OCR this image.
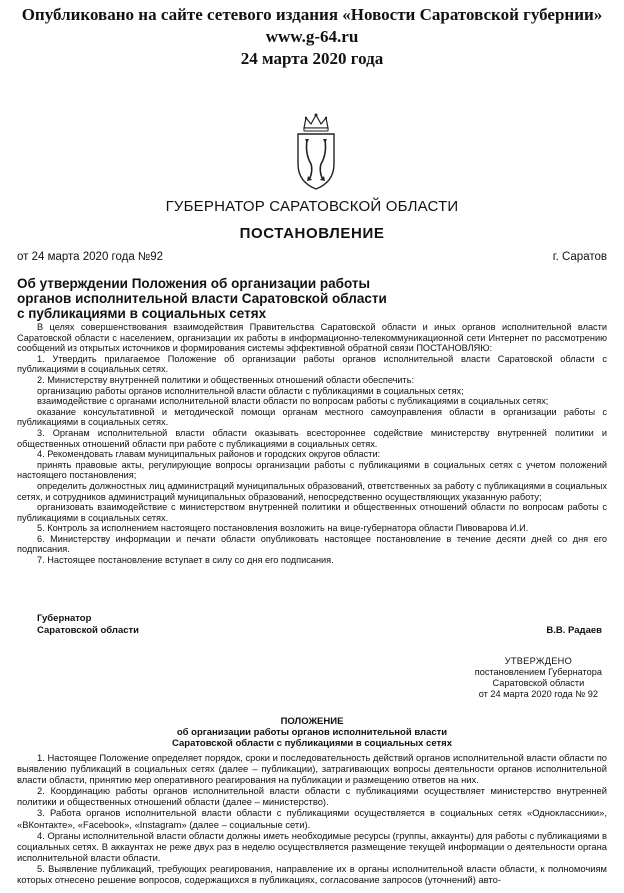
Опубликовано на сайте сетевого издания «Новости Саратовской губернии»
www.g-64.ru
24 марта 2020 года
ГУБЕРНАТОР САРАТОВСКОЙ ОБЛАСТИ
ПОСТАНОВЛЕНИЕ
от 24 марта 2020 года №92	г. Саратов
Об утверждении Положения об организации работы
органов исполнительной власти Саратовской области
с публикациями в социальных сетях

В целях совершенствования взаимодействия Правительства Саратовской области и иных органов исполнительной власти Саратовской области с населением, организации их работы в информационно-телекоммуникационной сети Интернет по рассмотрению сообщений из открытых источников и формирования системы эффективной обратной связи ПОСТАНОВЛЯЮ:

1. Утвердить прилагаемое Положение об организации работы органов исполнительной власти Саратовской области с публикациями в социальных сетях.

2. Министерству внутренней политики и общественных отношений области обеспечить:

организацию работы органов исполнительной власти области с публикациями в социальных сетях;

взаимодействие с органами исполнительной власти области по вопросам работы с публикациями в социальных сетях;

оказание консультативной и методической помощи органам местного самоуправления области в организации работы с публикациями в социальных сетях.

3. Органам исполнительной власти области оказывать всестороннее содействие министерству внутренней политики и общественных отношений области при работе с публикациями в социальных сетях.

4. Рекомендовать главам муниципальных районов и городских округов области:

принять правовые акты, регулирующие вопросы организации работы с публикациями в социальных сетях с учетом положений настоящего постановления;

определить должностных лиц администраций муниципальных образований, ответственных за работу с публикациями в социальных сетях, и сотрудников администраций муниципальных образований, непосредственно осуществляющих указанную работу;

организовать взаимодействие с министерством внутренней политики и общественных отношений области по вопросам работы с публикациями в социальных сетях.

5. Контроль за исполнением настоящего постановления возложить на вице-губернатора области Пивоварова И.И.

6. Министерству информации и печати области опубликовать настоящее постановление в течение десяти дней со дня его подписания.

7. Настоящее постановление вступает в силу со дня его подписания.

Губернатор
Саратовской области	В.В. Радаев
УТВЕРЖДЕНО
постановлением Губернатора
Саратовской области
от 24 марта 2020 года № 92
ПОЛОЖЕНИЕ
об организации работы органов исполнительной власти
Саратовской области с публикациями в социальных сетях

1. Настоящее Положение определяет порядок, сроки и последовательность действий органов исполнительной власти области по выявлению публикаций в социальных сетях (далее – публикации), затрагивающих вопросы деятельности органов исполнительной власти области, принятию мер оперативного реагирования на публикации и размещению ответов на них.

2. Координацию работы органов исполнительной власти области с публикациями осуществляет министерство внутренней политики и общественных отношений области (далее – министерство).

3. Работа органов исполнительной власти области с публикациями осуществляется в социальных сетях «Одноклассники», «ВКонтакте», «Facebook», «Instagram» (далее – социальные сети).

4. Органы исполнительной власти области должны иметь необходимые ресурсы (группы, аккаунты) для работы с публикациями в социальных сетях. В аккаунтах не реже двух раз в неделю осуществляется размещение текущей информации о деятельности органа исполнительной власти области.

5. Выявление публикаций, требующих реагирования, направление их в органы исполнительной власти области, к полномочиям которых отнесено решение вопросов, содержащихся в публикациях, согласование запросов (уточнений) авто-
